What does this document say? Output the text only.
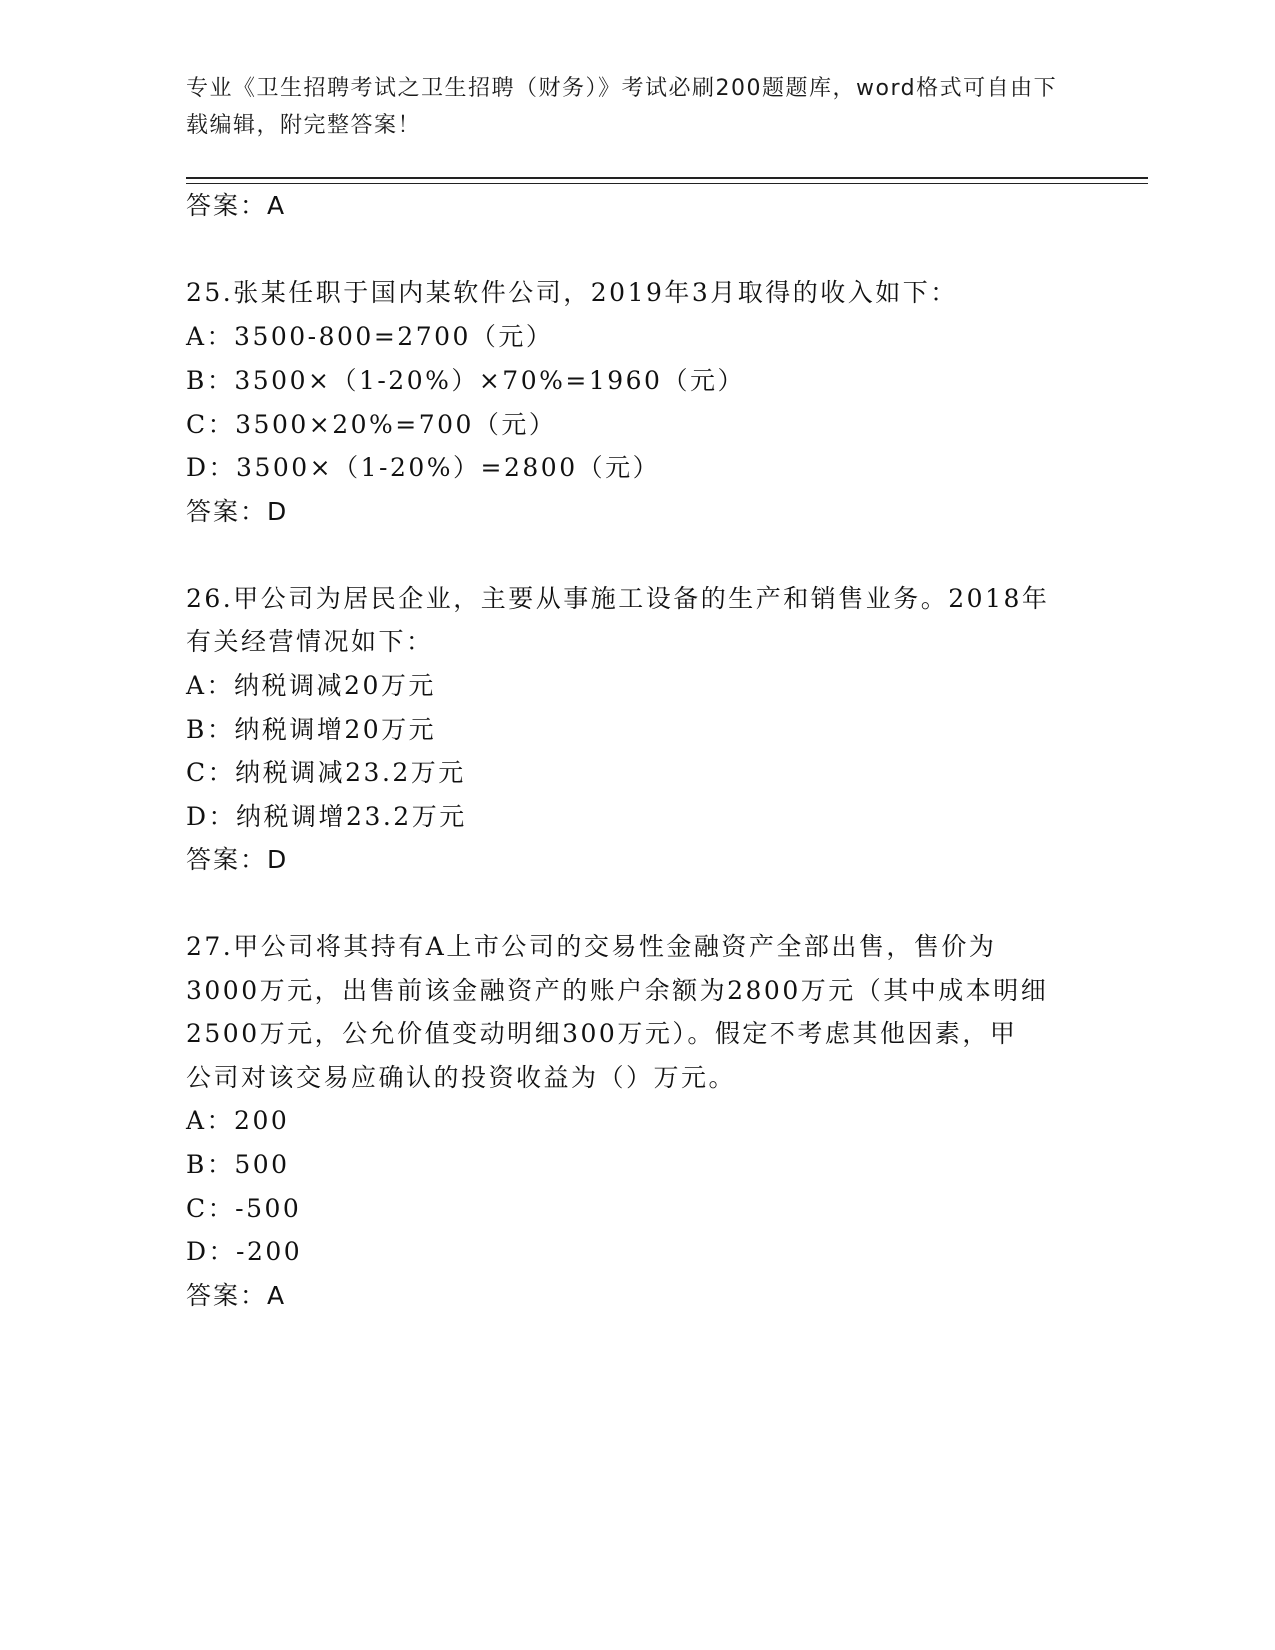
专业《卫生招聘考试之卫生招聘（财务）》考试必刷200题题库，word格式可自由下载编辑，附完整答案！
答案：A
25.张某任职于国内某软件公司，2019年3月取得的收入如下：
A：3500-800=2700（元）
B：3500×（1-20%）×70%=1960（元）
C：3500×20%=700（元）
D：3500×（1-20%）=2800（元）
答案：D
26.甲公司为居民企业，主要从事施工设备的生产和销售业务。2018年
有关经营情况如下：
A：纳税调减20万元
B：纳税调增20万元
C：纳税调减23.2万元
D：纳税调增23.2万元
答案：D
27.甲公司将其持有A上市公司的交易性金融资产全部出售，售价为
3000万元，出售前该金融资产的账户余额为2800万元（其中成本明细
2500万元，公允价值变动明细300万元）。假定不考虑其他因素，甲
公司对该交易应确认的投资收益为（）万元。
A：200
B：500
C：-500
D：-200
答案：A
